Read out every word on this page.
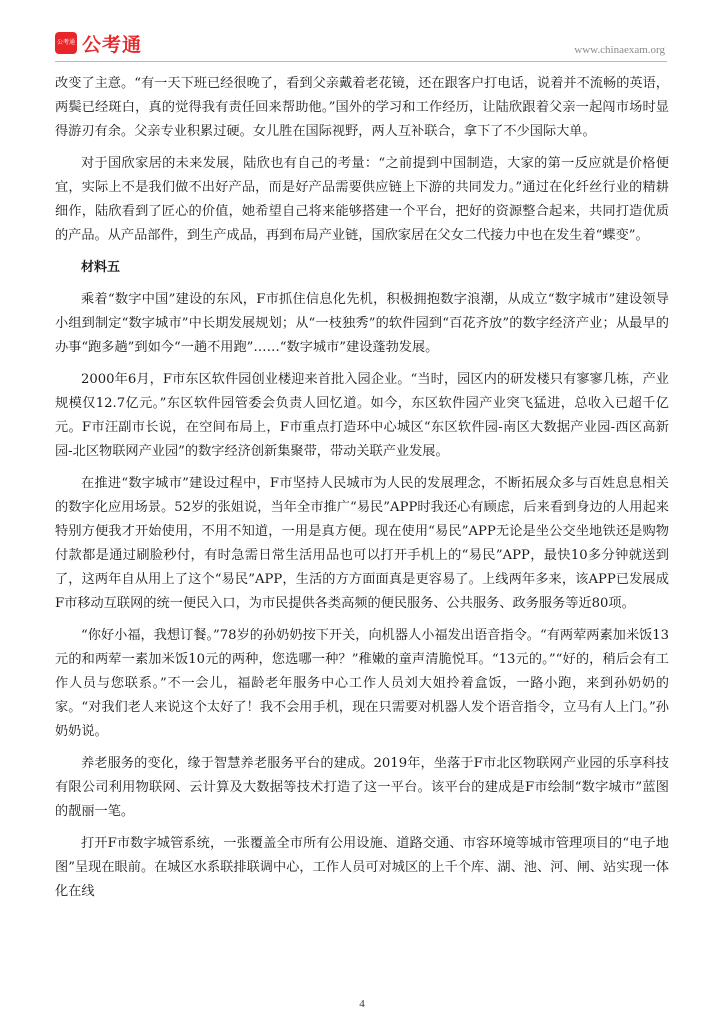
公考通 公考通	www.chinaexam.org

改变了主意。“有一天下班已经很晚了，看到父亲戴着老花镜，还在跟客户打电话，说着并不流畅的英语，两鬓已经斑白，真的觉得我有责任回来帮助他。”国外的学习和工作经历，让陆欣跟着父亲一起闯市场时显得游刃有余。父亲专业积累过硬。女儿胜在国际视野，两人互补联合，拿下了不少国际大单。

对于国欣家居的未来发展，陆欣也有自己的考量：“之前提到中国制造，大家的第一反应就是价格便宜，实际上不是我们做不出好产品，而是好产品需要供应链上下游的共同发力。”通过在化纤丝行业的精耕细作，陆欣看到了匠心的价值，她希望自己将来能够搭建一个平台，把好的资源整合起来，共同打造优质的产品。从产品部件，到生产成品，再到布局产业链，国欣家居在父女二代接力中也在发生着“蝶变”。

材料五

乘着“数字中国”建设的东风，F市抓住信息化先机，积极拥抱数字浪潮，从成立“数字城市”建设领导小组到制定“数字城市”中长期发展规划；从“一枝独秀”的软件园到“百花齐放”的数字经济产业；从最早的办事“跑多趟”到如今“一趟不用跑”……“数字城市”建设蓬勃发展。

2000年6月，F市东区软件园创业楼迎来首批入园企业。“当时，园区内的研发楼只有寥寥几栋，产业规模仅12.7亿元。”东区软件园管委会负责人回忆道。如今，东区软件园产业突飞猛进，总收入已超千亿元。F市汪副市长说，在空间布局上，F市重点打造环中心城区“东区软件园-南区大数据产业园-西区高新园-北区物联网产业园”的数字经济创新集聚带，带动关联产业发展。

在推进“数字城市”建设过程中，F市坚持人民城市为人民的发展理念，不断拓展众多与百姓息息相关的数字化应用场景。52岁的张姐说，当年全市推广“易民”APP时我还心有顾虑，后来看到身边的人用起来特别方便我才开始使用，不用不知道，一用是真方便。现在使用“易民”APP无论是坐公交坐地铁还是购物付款都是通过刷脸秒付，有时急需日常生活用品也可以打开手机上的“易民”APP，最快10多分钟就送到了，这两年自从用上了这个“易民”APP，生活的方方面面真是更容易了。上线两年多来，该APP已发展成F市移动互联网的统一便民入口，为市民提供各类高频的便民服务、公共服务、政务服务等近80项。

“你好小福，我想订餐。”78岁的孙奶奶按下开关，向机器人小福发出语音指令。“有两荤两素加米饭13元的和两荤一素加米饭10元的两种，您选哪一种？”稚嫩的童声清脆悦耳。“13元的。”“好的，稍后会有工作人员与您联系。”不一会儿，福龄老年服务中心工作人员刘大姐拎着盒饭，一路小跑，来到孙奶奶的家。“对我们老人来说这个太好了！我不会用手机，现在只需要对机器人发个语音指令，立马有人上门。”孙奶奶说。

养老服务的变化，缘于智慧养老服务平台的建成。2019年，坐落于F市北区物联网产业园的乐享科技有限公司利用物联网、云计算及大数据等技术打造了这一平台。该平台的建成是F市绘制“数字城市”蓝图的靓丽一笔。

打开F市数字城管系统，一张覆盖全市所有公用设施、道路交通、市容环境等城市管理项目的“电子地图”呈现在眼前。在城区水系联排联调中心，工作人员可对城区的上千个库、湖、池、河、闸、站实现一体化在线

4
